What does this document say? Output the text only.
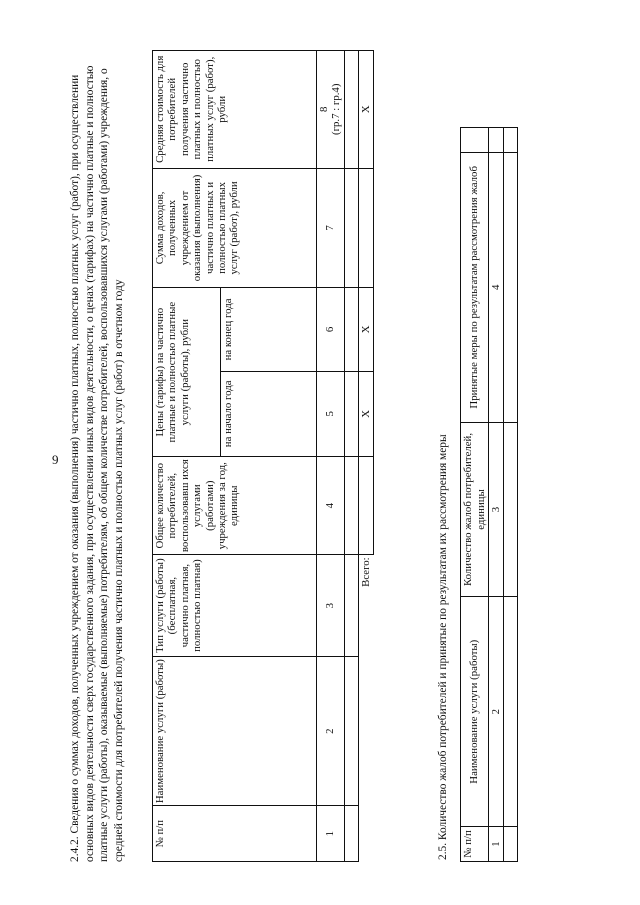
9 2.4.2. Сведения о суммах доходов, полученных учреждением от оказания (выполнения) частично платных, полностью платных услуг (работ), при осуществлении основных видов деятельности сверх государственного задания, при осуществлении иных видов деятельности, о ценах (тарифах) на частично платные и полностью платные услуги (работы), оказываемые (выполняемые) потребителям, об общем количестве потребителей, воспользовавшихся услугами (работами) учреждения, о средней стоимости для потребителей получения частично платных и полностью платных услуг (работ) в отчетном году	№ п/п	Наименование услуги (работы)	Тип услуги (работы) (бесплатная, частично платная, полностью платная)	Общее количество потребителей, воспользовавш ихся услугами (работами) учреждения за год, единицы	Цены (тарифы) на частично платные и полностью платные услуги (работы), рубли		Сумма доходов, полученных учреждением от оказания (выполнения) частично платных и полностью платных услуг (работ), рубли	Средняя стоимость для потребителей получения частично платных и полностью платных услуг (работ), рубли
				на начало года	на конец года		
1	2	3	4	5	6	7	8 (гр.7 : гр.4)

Всего:				Х	Х		Х
2.5. Количество жалоб потребителей и принятые по результатам их рассмотрения меры № п/п	Наименование услуги (работы)	Количество жалоб потребителей, единицы	Принятые меры по результатам рассмотрения жалоб	
1	2	3	4	
